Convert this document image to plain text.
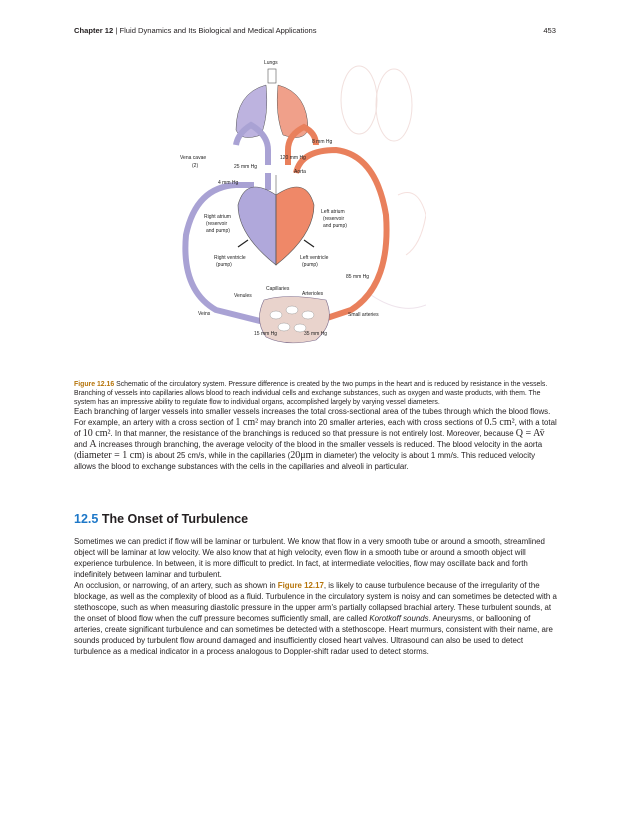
Chapter 12 | Fluid Dynamics and Its Biological and Medical Applications	453
Lungs
8 mm Hg
Vena cavae
(2)	25 mm Hg
120 mm Hg
Aorta
4 mm Hg
Right atrium
(reservoir
and pump)
Left atrium
(reservoir
and pump)
Right ventricle
(pump)
Left ventricle
(pump)
85 mm Hg
Capillaries
Venules	Arterioles
Veins	Small arteries
15 mm Hg	35 mm Hg

Figure 12.16 Schematic of the circulatory system. Pressure difference is created by the two pumps in the heart and is reduced by resistance in the vessels. Branching of vessels into capillaries allows blood to reach individual cells and exchange substances, such as oxygen and waste products, with them. The system has an impressive ability to regulate flow to individual organs, accomplished largely by varying vessel diameters.

Each branching of larger vessels into smaller vessels increases the total cross-sectional area of the tubes through which the blood flows. For example, an artery with a cross section of 1 cm² may branch into 20 smaller arteries, each with cross sections of 0.5 cm², with a total of 10 cm². In that manner, the resistance of the branchings is reduced so that pressure is not entirely lost. Moreover, because Q = Av̄ and A increases through branching, the average velocity of the blood in the smaller vessels is reduced. The blood velocity in the aorta (diameter = 1 cm) is about 25 cm/s, while in the capillaries (20μm in diameter) the velocity is about 1 mm/s. This reduced velocity allows the blood to exchange substances with the cells in the capillaries and alveoli in particular.

12.5 The Onset of Turbulence

Sometimes we can predict if flow will be laminar or turbulent. We know that flow in a very smooth tube or around a smooth, streamlined object will be laminar at low velocity. We also know that at high velocity, even flow in a smooth tube or around a smooth object will experience turbulence. In between, it is more difficult to predict. In fact, at intermediate velocities, flow may oscillate back and forth indefinitely between laminar and turbulent.

An occlusion, or narrowing, of an artery, such as shown in Figure 12.17, is likely to cause turbulence because of the irregularity of the blockage, as well as the complexity of blood as a fluid. Turbulence in the circulatory system is noisy and can sometimes be detected with a stethoscope, such as when measuring diastolic pressure in the upper arm's partially collapsed brachial artery. These turbulent sounds, at the onset of blood flow when the cuff pressure becomes sufficiently small, are called Korotkoff sounds. Aneurysms, or ballooning of arteries, create significant turbulence and can sometimes be detected with a stethoscope. Heart murmurs, consistent with their name, are sounds produced by turbulent flow around damaged and insufficiently closed heart valves. Ultrasound can also be used to detect turbulence as a medical indicator in a process analogous to Doppler-shift radar used to detect storms.
